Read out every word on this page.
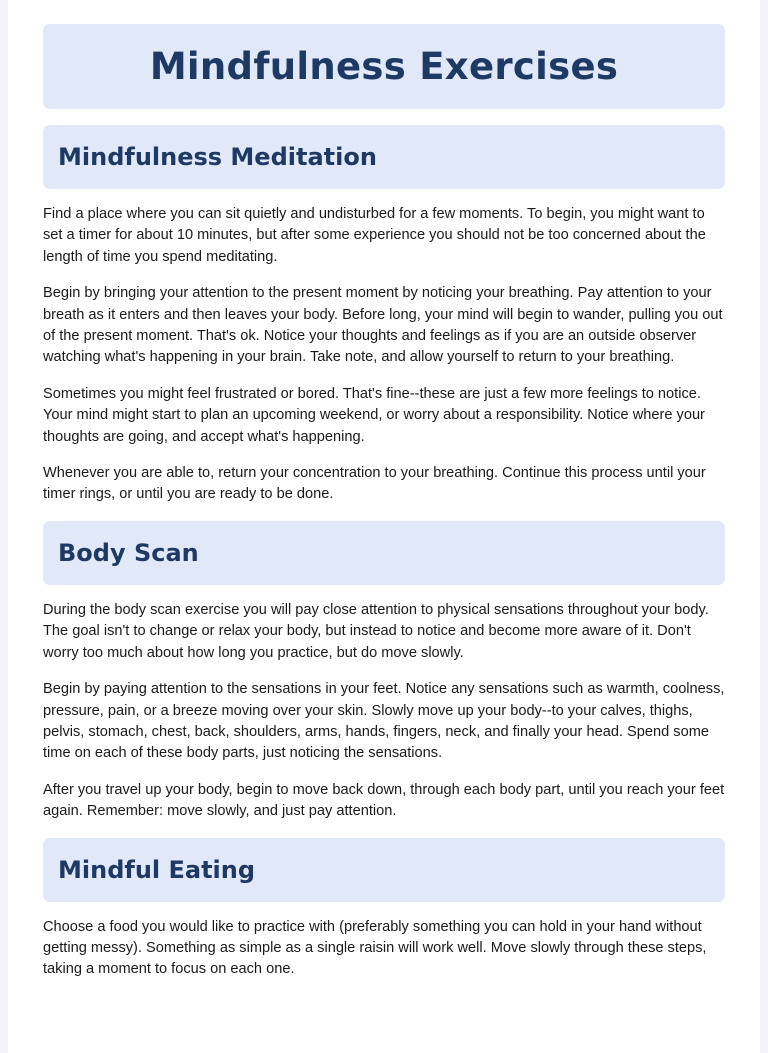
Mindfulness Exercises
Mindfulness Meditation

Find a place where you can sit quietly and undisturbed for a few moments. To begin, you might want to set a timer for about 10 minutes, but after some experience you should not be too concerned about the length of time you spend meditating.

Begin by bringing your attention to the present moment by noticing your breathing. Pay attention to your breath as it enters and then leaves your body. Before long, your mind will begin to wander, pulling you out of the present moment. That's ok. Notice your thoughts and feelings as if you are an outside observer watching what's happening in your brain. Take note, and allow yourself to return to your breathing.

Sometimes you might feel frustrated or bored. That's fine--these are just a few more feelings to notice. Your mind might start to plan an upcoming weekend, or worry about a responsibility. Notice where your thoughts are going, and accept what's happening.

Whenever you are able to, return your concentration to your breathing. Continue this process until your timer rings, or until you are ready to be done.

Body Scan

During the body scan exercise you will pay close attention to physical sensations throughout your body. The goal isn't to change or relax your body, but instead to notice and become more aware of it. Don't worry too much about how long you practice, but do move slowly.

Begin by paying attention to the sensations in your feet. Notice any sensations such as warmth, coolness, pressure, pain, or a breeze moving over your skin. Slowly move up your body--to your calves, thighs, pelvis, stomach, chest, back, shoulders, arms, hands, fingers, neck, and finally your head. Spend some time on each of these body parts, just noticing the sensations.

After you travel up your body, begin to move back down, through each body part, until you reach your feet again. Remember: move slowly, and just pay attention.

Mindful Eating

Choose a food you would like to practice with (preferably something you can hold in your hand without getting messy). Something as simple as a single raisin will work well. Move slowly through these steps, taking a moment to focus on each one.
